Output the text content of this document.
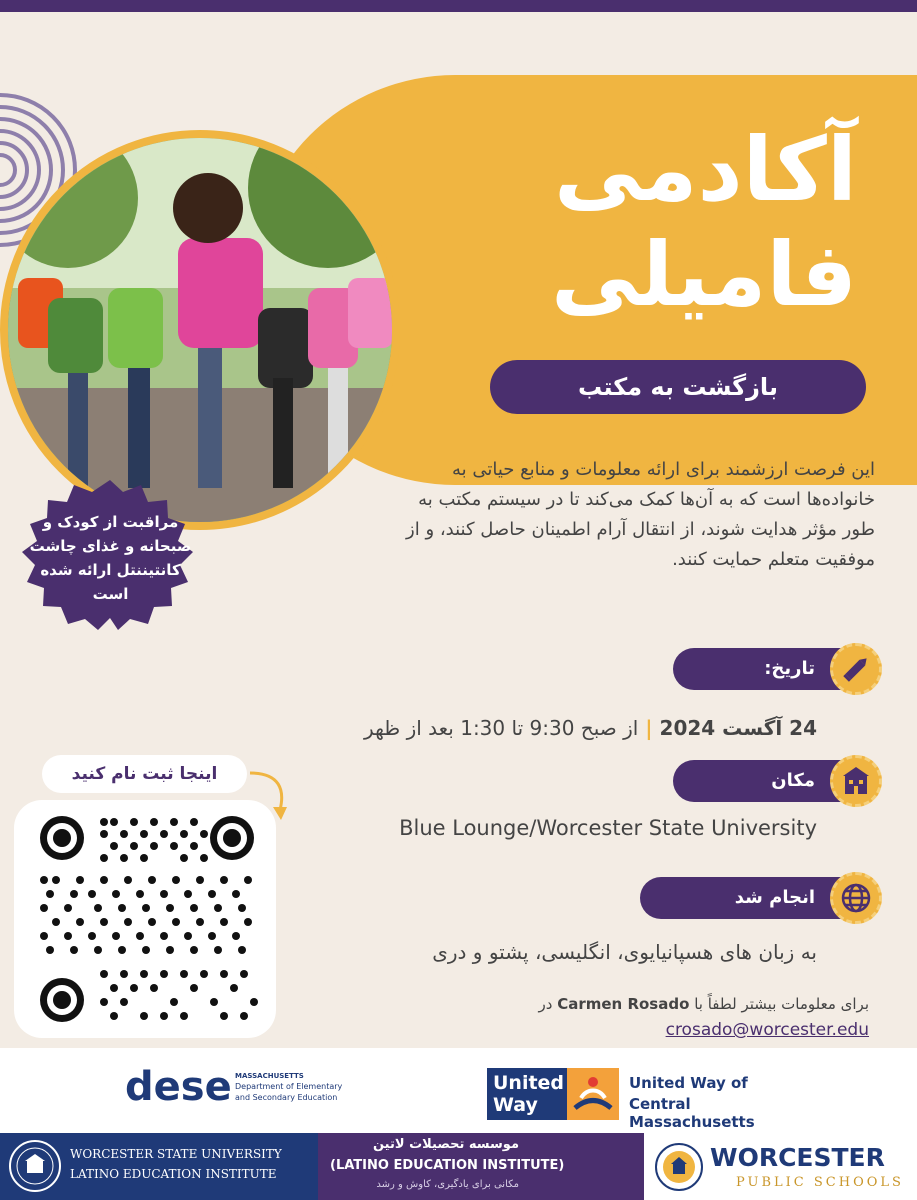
آکادمی
فامیلی
بازگشت به مکتب

این فرصت ارزشمند برای ارائه معلومات و منابع حیاتی به خانواده‌ها است که به آن‌ها کمک می‌کند تا در سیستم مکتب به طور مؤثر هدایت شوند، از انتقال آرام اطمینان حاصل کنند، و از موفقیت متعلم حمایت کنند.

مراقبت از کودک و صبحانه و غذای چاشت کانتیننتل ارائه شده است
تاریخ:
24 آگست 2024 | از صبح 9:30 تا 1:30 بعد از ظهر
مکان
Blue Lounge/Worcester State University
انجام شد
به زبان های هسپانیایوی، انگلیسی، پشتو و دری
اینجا ثبت نام کنید
برای معلومات بیشتر لطفاً با Carmen Rosado در
crosado@worcester.edu
dese MASSACHUSETTS
Department of Elementary
and Secondary Education
United
Way
United Way of
Central Massachusetts
WORCESTER STATE UNIVERSITY
LATINO EDUCATION INSTITUTE
موسسه تحصیلات لاتین
(LATINO EDUCATION INSTITUTE)
مکانی برای یادگیری، کاوش و رشد
WORCESTER
PUBLIC SCHOOLS
